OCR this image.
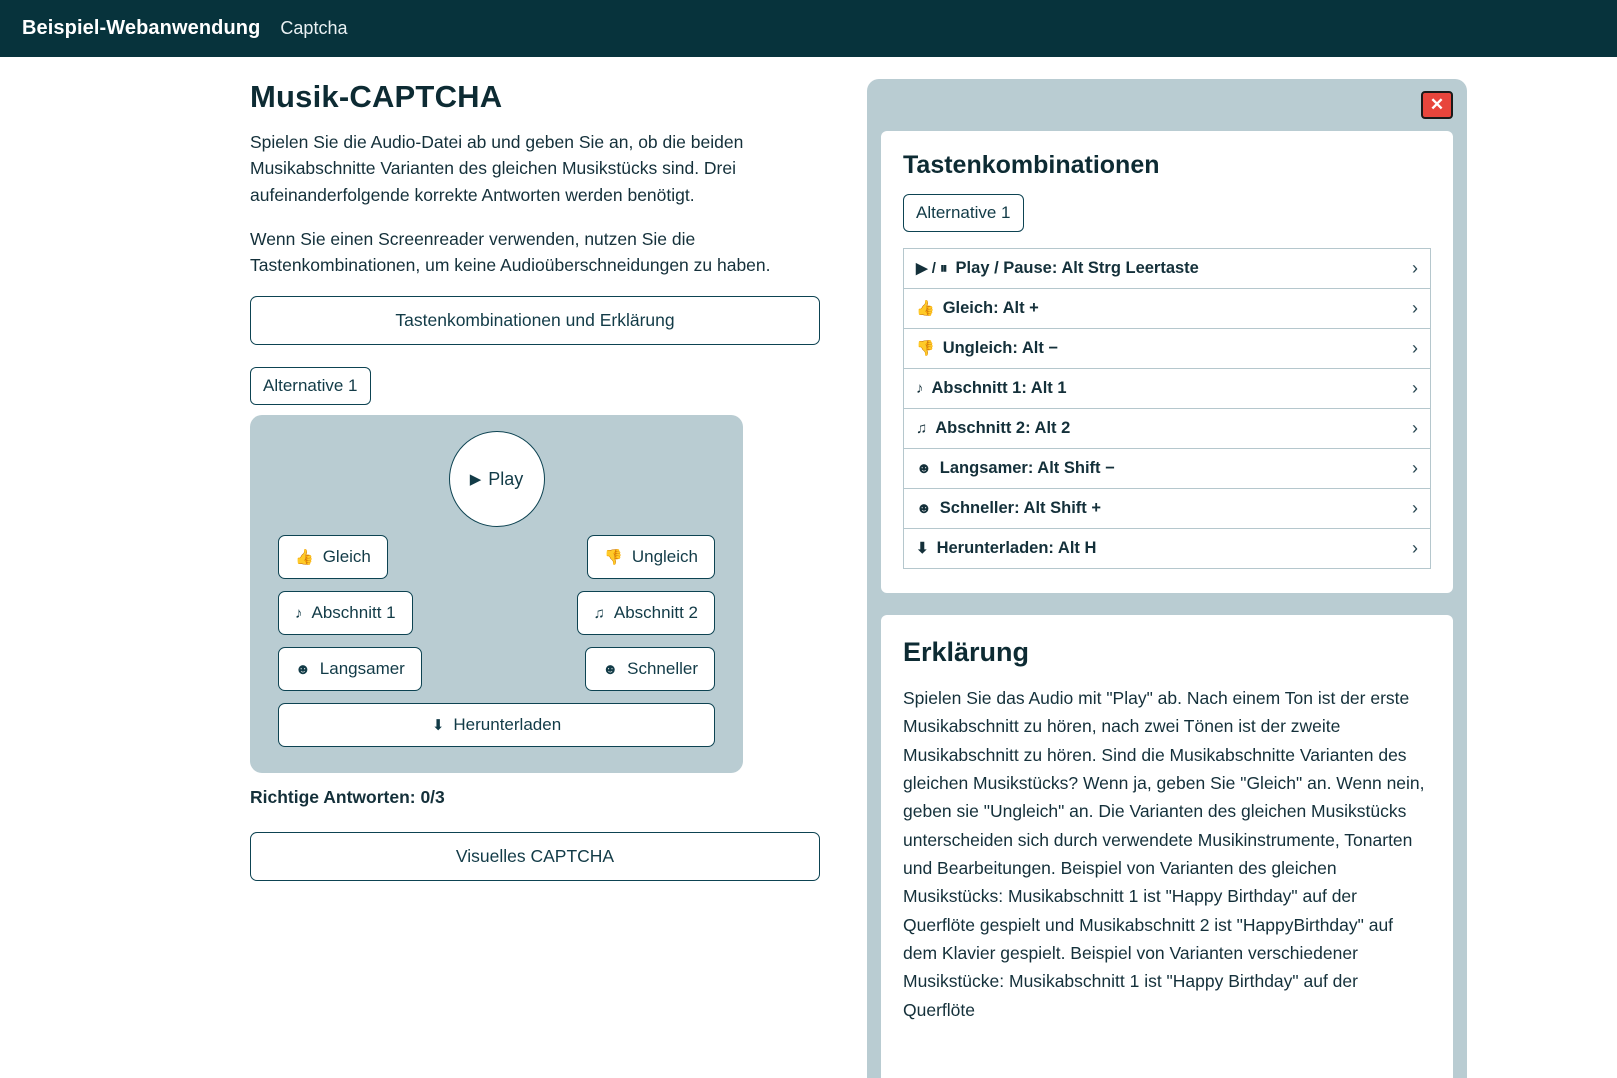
Beispiel-Webanwendung Captcha
Musik-CAPTCHA

Spielen Sie die Audio-Datei ab und geben Sie an, ob die beiden Musikabschnitte Varianten des gleichen Musikstücks sind. Drei aufeinanderfolgende korrekte Antworten werden benötigt.

Wenn Sie einen Screenreader verwenden, nutzen Sie die Tastenkombinationen, um keine Audioüberschneidungen zu haben.

Tastenkombinationen und Erklärung
Alternative 1
▶ Play
👍 Gleich	👎 Ungleich
♪ Abschnitt 1	♫ Abschnitt 2
☻ Langsamer	☻ Schneller
⬇ Herunterladen

Richtige Antworten: 0/3

Visuelles CAPTCHA
✕
Tastenkombinationen
Alternative 1
▶ / ⏸ Play / Pause: Alt Strg Leertaste	›
👍 Gleich: Alt +	›
👎 Ungleich: Alt −	›
♪ Abschnitt 1: Alt 1	›
♫ Abschnitt 2: Alt 2	›
☻ Langsamer: Alt Shift −	›
☻ Schneller: Alt Shift +	›
⬇ Herunterladen: Alt H	›
Erklärung

Spielen Sie das Audio mit "Play" ab. Nach einem Ton ist der erste Musikabschnitt zu hören, nach zwei Tönen ist der zweite Musikabschnitt zu hören. Sind die Musikabschnitte Varianten des gleichen Musikstücks? Wenn ja, geben Sie "Gleich" an. Wenn nein, geben sie "Ungleich" an. Die Varianten des gleichen Musikstücks unterscheiden sich durch verwendete Musikinstrumente, Tonarten und Bearbeitungen. Beispiel von Varianten des gleichen Musikstücks: Musikabschnitt 1 ist "Happy Birthday" auf der Querflöte gespielt und Musikabschnitt 2 ist "HappyBirthday" auf dem Klavier gespielt. Beispiel von Varianten verschiedener Musikstücke: Musikabschnitt 1 ist "Happy Birthday" auf der Querflöte
